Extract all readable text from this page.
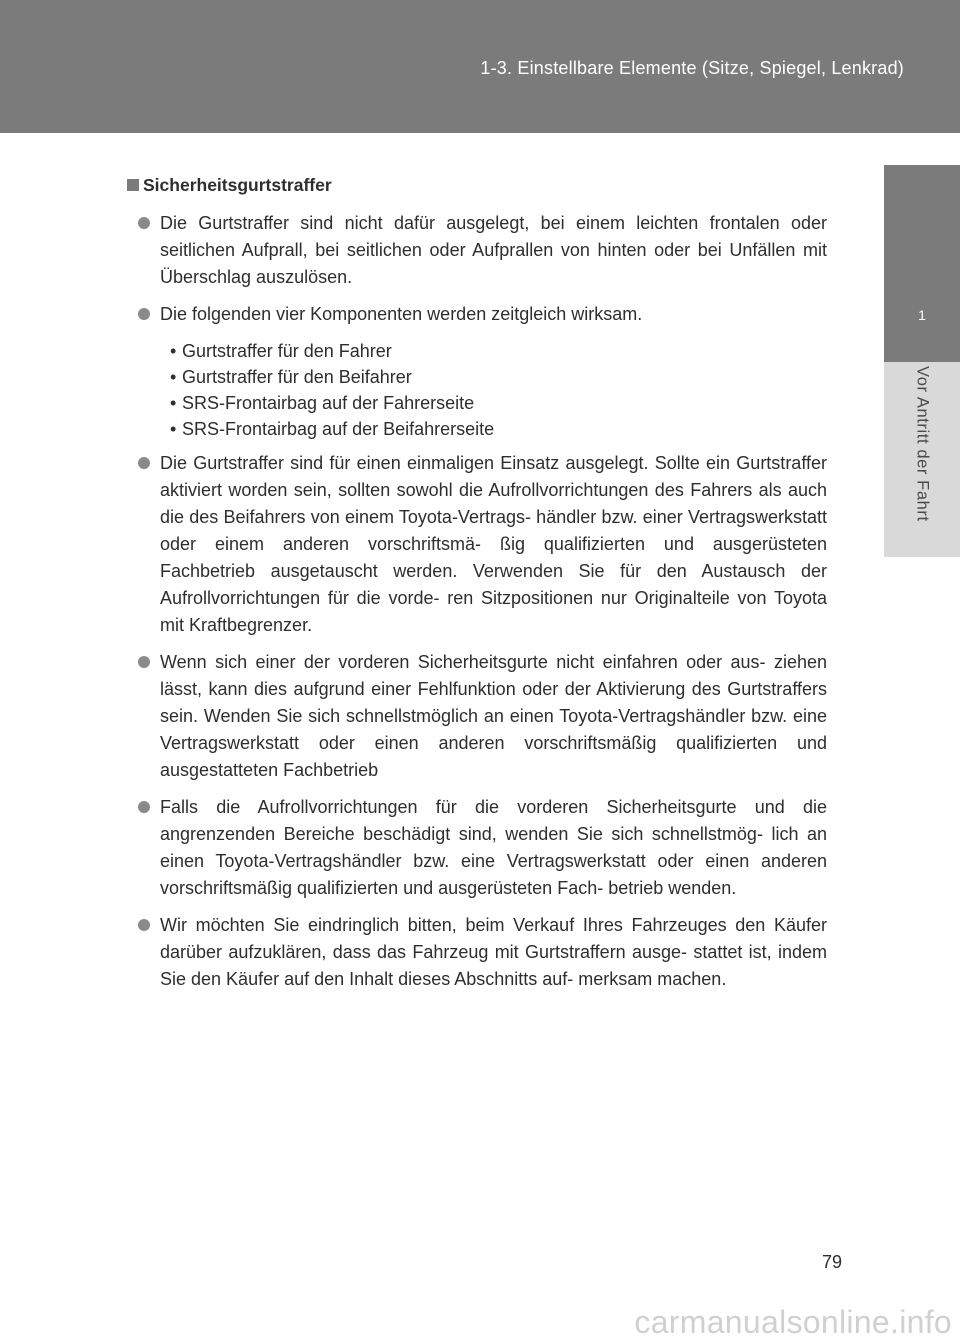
1-3. Einstellbare Elemente (Sitze, Spiegel, Lenkrad)
1
Vor Antritt der Fahrt
Sicherheitsgurtstraffer
Die Gurtstraffer sind nicht dafür ausgelegt, bei einem leichten frontalen oder seitlichen Aufprall, bei seitlichen oder Aufprallen von hinten oder bei Unfällen mit Überschlag auszulösen.
Die folgenden vier Komponenten werden zeitgleich wirksam.
• Gurtstraffer für den Fahrer
• Gurtstraffer für den Beifahrer
• SRS-Frontairbag auf der Fahrerseite
• SRS-Frontairbag auf der Beifahrerseite
Die Gurtstraffer sind für einen einmaligen Einsatz ausgelegt. Sollte ein Gurtstraffer aktiviert worden sein, sollten sowohl die Aufrollvorrichtungen des Fahrers als auch die des Beifahrers von einem Toyota-Vertrags- händler bzw. einer Vertragswerkstatt oder einem anderen vorschriftsmä- ßig qualifizierten und ausgerüsteten Fachbetrieb ausgetauscht werden. Verwenden Sie für den Austausch der Aufrollvorrichtungen für die vorde- ren Sitzpositionen nur Originalteile von Toyota mit Kraftbegrenzer.
Wenn sich einer der vorderen Sicherheitsgurte nicht einfahren oder aus- ziehen lässt, kann dies aufgrund einer Fehlfunktion oder der Aktivierung des Gurtstraffers sein. Wenden Sie sich schnellstmöglich an einen Toyota-Vertragshändler bzw. eine Vertragswerkstatt oder einen anderen vorschriftsmäßig qualifizierten und ausgestatteten Fachbetrieb
Falls die Aufrollvorrichtungen für die vorderen Sicherheitsgurte und die angrenzenden Bereiche beschädigt sind, wenden Sie sich schnellstmög- lich an einen Toyota-Vertragshändler bzw. eine Vertragswerkstatt oder einen anderen vorschriftsmäßig qualifizierten und ausgerüsteten Fach- betrieb wenden.
Wir möchten Sie eindringlich bitten, beim Verkauf Ihres Fahrzeuges den Käufer darüber aufzuklären, dass das Fahrzeug mit Gurtstraffern ausge- stattet ist, indem Sie den Käufer auf den Inhalt dieses Abschnitts auf- merksam machen.
79
carmanualsonline.info
